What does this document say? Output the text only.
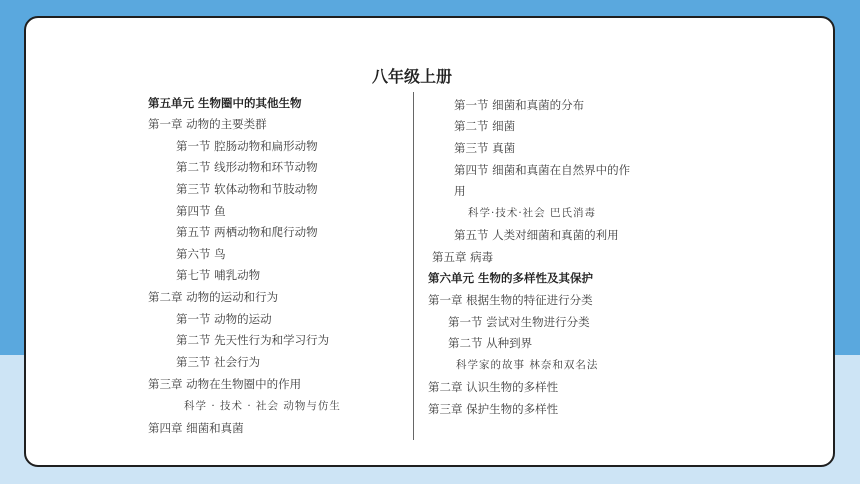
八年级上册
第五单元 生物圈中的其他生物
第一章 动物的主要类群
第一节 腔肠动物和扁形动物
第二节 线形动物和环节动物
第三节 软体动物和节肢动物
第四节 鱼
第五节 两栖动物和爬行动物
第六节 鸟
第七节 哺乳动物
第二章 动物的运动和行为
第一节 动物的运动
第二节 先天性行为和学习行为
第三节 社会行为
第三章 动物在生物圈中的作用
科学 · 技术 · 社会 动物与仿生
第四章 细菌和真菌
第一节 细菌和真菌的分布
第二节 细菌
第三节 真菌
第四节 细菌和真菌在自然界中的作
用
科学·技术·社会 巴氏消毒
第五节 人类对细菌和真菌的利用
第五章 病毒
第六单元 生物的多样性及其保护
第一章 根据生物的特征进行分类
第一节 尝试对生物进行分类
第二节 从种到界
科学家的故事 林奈和双名法
第二章 认识生物的多样性
第三章 保护生物的多样性
